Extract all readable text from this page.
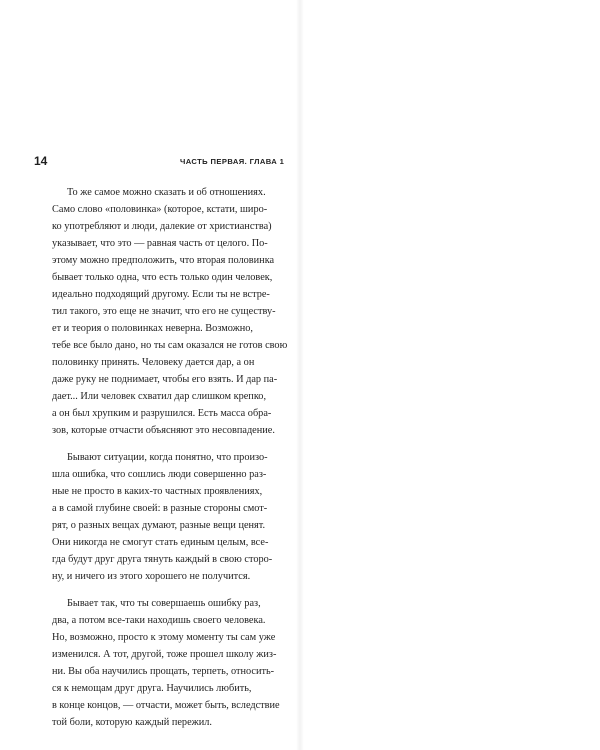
14	ЧАСТЬ ПЕРВАЯ. ГЛАВА 1
То же самое можно сказать и об отношениях.
Само слово «половинка» (которое, кстати, широ-
ко употребляют и люди, далекие от христианства)
указывает, что это — равная часть от целого. По-
этому можно предположить, что вторая половинка
бывает только одна, что есть только один человек,
идеально подходящий другому. Если ты не встре-
тил такого, это еще не значит, что его не существу-
ет и теория о половинках неверна. Возможно,
тебе все было дано, но ты сам оказался не готов свою
половинку принять. Человеку дается дар, а он
даже руку не поднимает, чтобы его взять. И дар па-
дает... Или человек схватил дар слишком крепко,
а он был хрупким и разрушился. Есть масса обра-
зов, которые отчасти объясняют это несовпадение.
Бывают ситуации, когда понятно, что произо-
шла ошибка, что сошлись люди совершенно раз-
ные не просто в каких-то частных проявлениях,
а в самой глубине своей: в разные стороны смот-
рят, о разных вещах думают, разные вещи ценят.
Они никогда не смогут стать единым целым, все-
гда будут друг друга тянуть каждый в свою сторо-
ну, и ничего из этого хорошего не получится.
Бывает так, что ты совершаешь ошибку раз,
два, а потом все-таки находишь своего человека.
Но, возможно, просто к этому моменту ты сам уже
изменился. А тот, другой, тоже прошел школу жиз-
ни. Вы оба научились прощать, терпеть, относить-
ся к немощам друг друга. Научились любить,
в конце концов, — отчасти, может быть, вследствие
той боли, которую каждый пережил.
